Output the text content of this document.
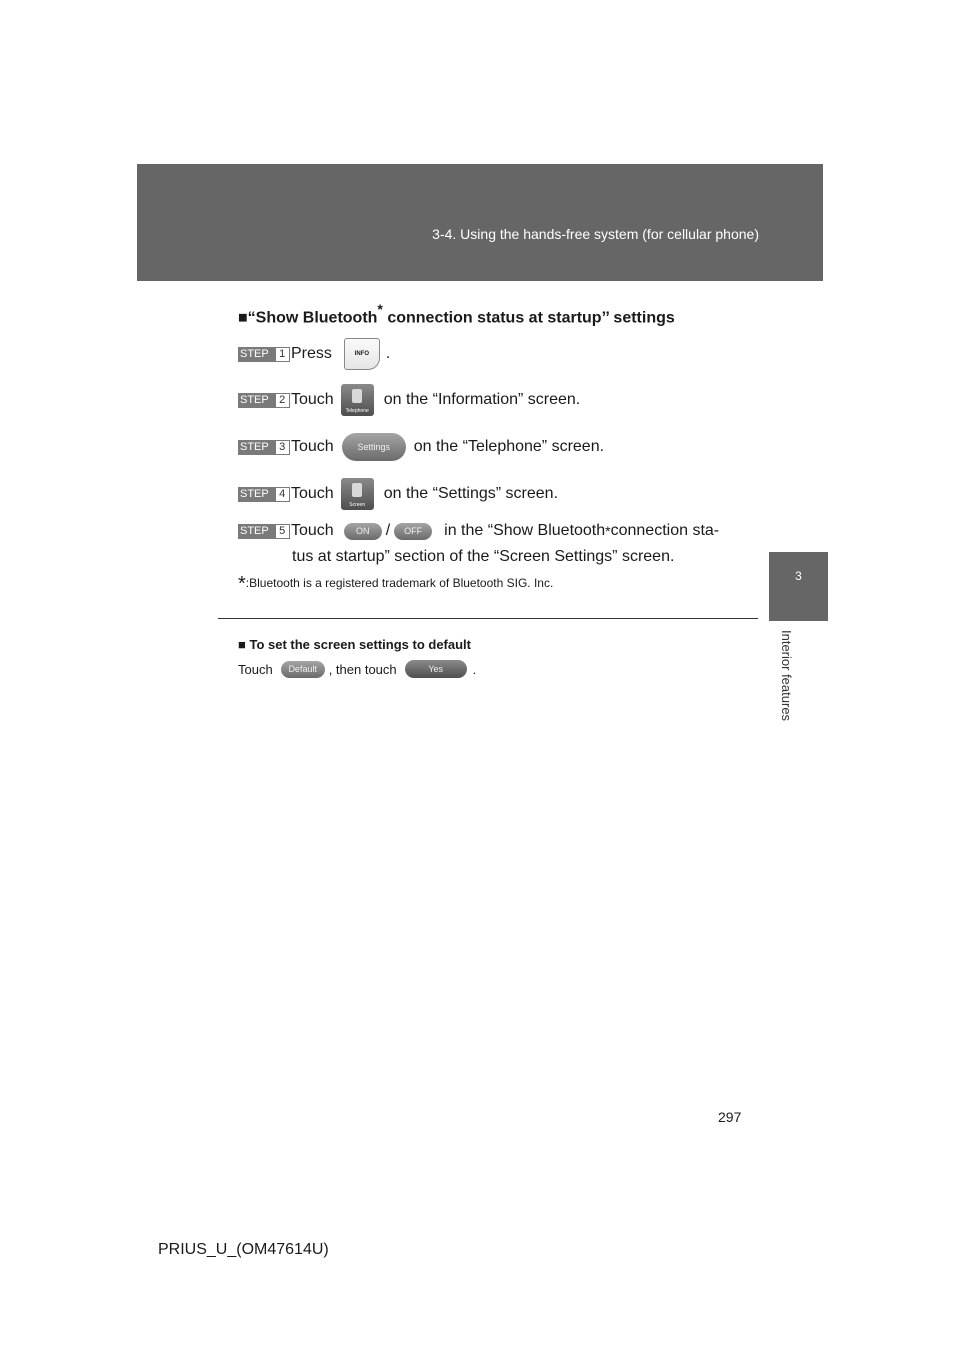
3-4. Using the hands-free system (for cellular phone)
3
Interior features
■“Show Bluetooth* connection status at startup’’ settings
STEP 1 Press	INFO	.
STEP 2 Touch
Telephone
on the “Information” screen.
STEP 3 Touch	Settings	on the “Telephone” screen.
STEP 4 Touch
Screen
on the “Settings” screen.
STEP 5 Touch	ON	/	OFF	in the “Show Bluetooth * connection sta-
tus at startup” section of the “Screen Settings” screen.
*:Bluetooth is a registered trademark of Bluetooth SIG. Inc.
■ To set the screen settings to default
Touch	Default , then touch	Yes	.
297
PRIUS_U_(OM47614U)
